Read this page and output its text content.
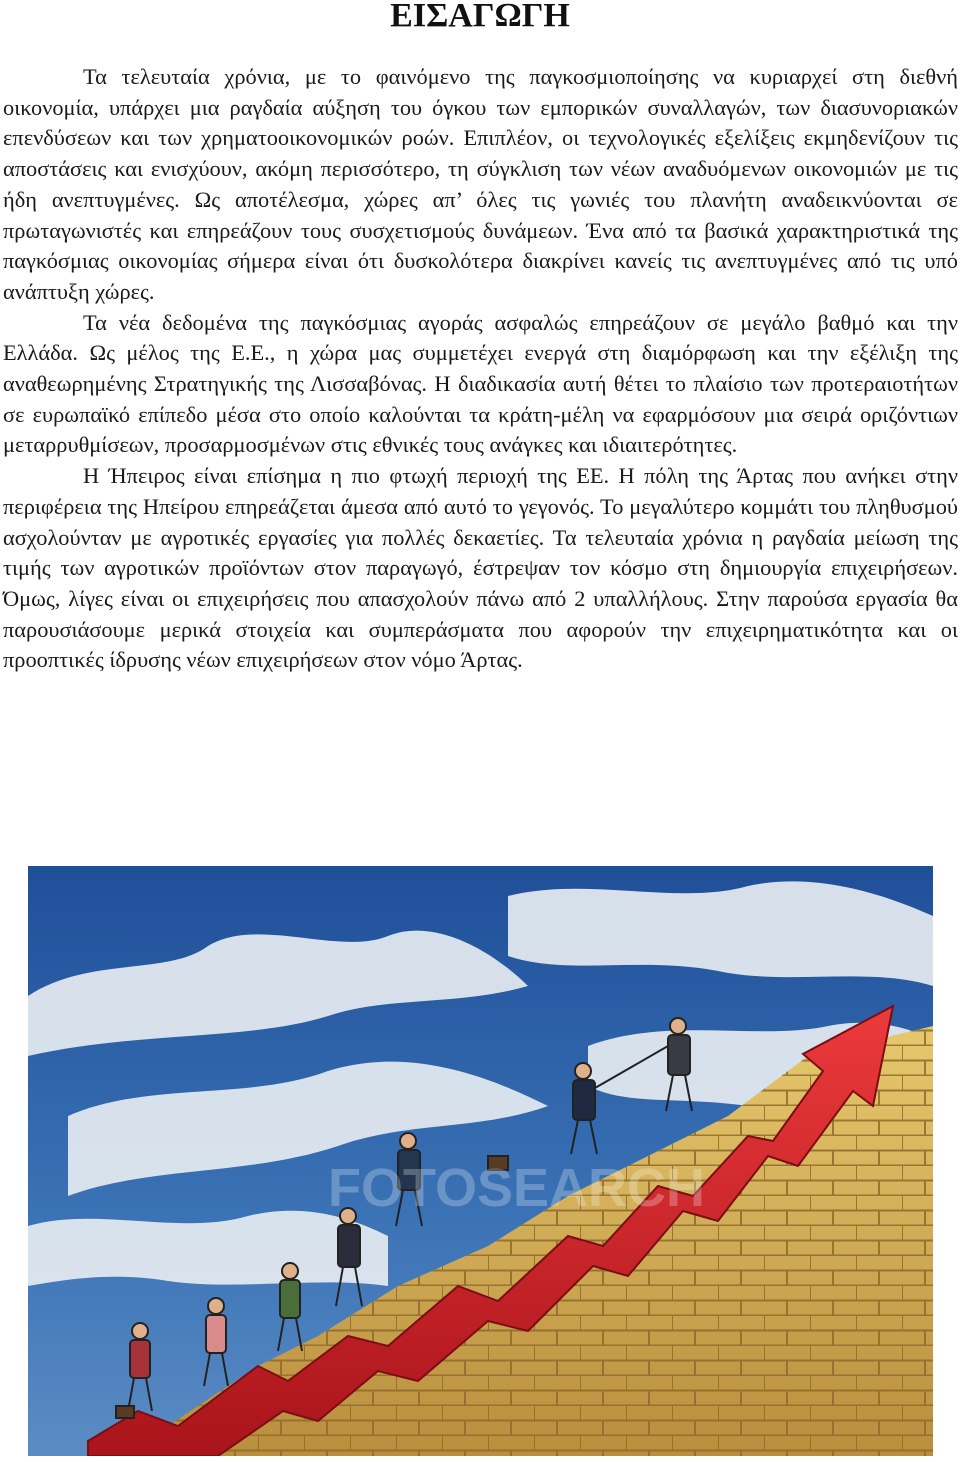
ΕΙΣΑΓΩΓΗ

Τα τελευταία χρόνια, με το φαινόμενο της παγκοσμιοποίησης να κυριαρχεί στη διεθνή οικονομία, υπάρχει μια ραγδαία αύξηση του όγκου των εμπορικών συναλλαγών, των διασυνοριακών επενδύσεων και των χρηματοοικονομικών ροών. Επιπλέον, οι τεχνολογικές εξελίξεις εκμηδενίζουν τις αποστάσεις και ενισχύουν, ακόμη περισσότερο, τη σύγκλιση των νέων αναδυόμενων οικονομιών με τις ήδη ανεπτυγμένες. Ως αποτέλεσμα, χώρες απ’ όλες τις γωνιές του πλανήτη αναδεικνύονται σε πρωταγωνιστές και επηρεάζουν τους συσχετισμούς δυνάμεων. Ένα από τα βασικά χαρακτηριστικά της παγκόσμιας οικονομίας σήμερα είναι ότι δυσκολότερα διακρίνει κανείς τις ανεπτυγμένες από τις υπό ανάπτυξη χώρες.

Τα νέα δεδομένα της παγκόσμιας αγοράς ασφαλώς επηρεάζουν σε μεγάλο βαθμό και την Ελλάδα. Ως μέλος της Ε.Ε., η χώρα μας συμμετέχει ενεργά στη διαμόρφωση και την εξέλιξη της αναθεωρημένης Στρατηγικής της Λισσαβόνας. Η διαδικασία αυτή θέτει το πλαίσιο των προτεραιοτήτων σε ευρωπαϊκό επίπεδο μέσα στο οποίο καλούνται τα κράτη-μέλη να εφαρμόσουν μια σειρά οριζόντιων μεταρρυθμίσεων, προσαρμοσμένων στις εθνικές τους ανάγκες και ιδιαιτερότητες.

Η Ήπειρος είναι επίσημα η πιο φτωχή περιοχή της ΕΕ. Η πόλη της Άρτας που ανήκει στην περιφέρεια της Ηπείρου επηρεάζεται άμεσα από αυτό το γεγονός. Το μεγαλύτερο κομμάτι του πληθυσμού ασχολούνταν με αγροτικές εργασίες για πολλές δεκαετίες. Τα τελευταία χρόνια η ραγδαία μείωση της τιμής των αγροτικών προϊόντων στον παραγωγό, έστρεψαν τον κόσμο στη δημιουργία επιχειρήσεων. Όμως, λίγες είναι οι επιχειρήσεις που απασχολούν πάνω από 2 υπαλλήλους. Στην παρούσα εργασία θα παρουσιάσουμε μερικά στοιχεία και συμπεράσματα που αφορούν την επιχειρηματικότητα και οι προοπτικές ίδρυσης νέων επιχειρήσεων στον νόμο Άρτας.

FOTOSEARCH
